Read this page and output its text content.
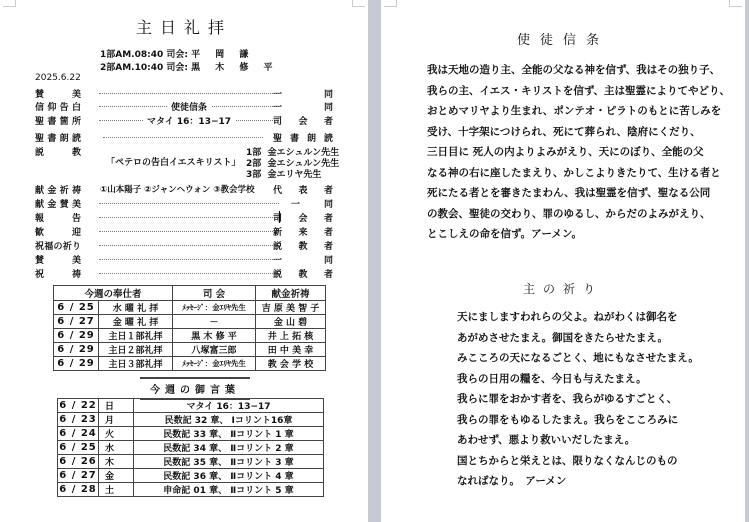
主日礼拝
1部AM.08:40 司会: 平 岡 謙
2部AM.10:40 司会: 黒 木 修 平
2025.6.22
賛美	一同
信仰告白	使徒信条	一同
聖書箇所	マタイ 16：13−17	司会者
聖書朗読	聖書朗読
説教
「ペテロの告白イエスキリスト」
1部 金エシュルン先生
2部 金エシュルン先生
3部 金エリヤ先生
献金祈祷	代表者
①山本陽子 ②ジャンヘウォン ③教会学校
献金賛美	一同
報告	司会者
歓迎	新来者
祝福の祈り	説教者
賛美	一同
祝祷	説教者
今週の奉仕者		司 会	献金祈祷
6 / 25	水 曜 礼 拝	ﾒｯｾｰｼﾞ：金ｴﾘﾔ先生	吉 原 美 智 子
6 / 27	金 曜 礼 拝	－	金 山 碧
6 / 29	主日１部礼拝	黒 木 修 平	井 上 拓 核
6 / 29	主日２部礼拝	八塚富三郎	田 中 美 幸
6 / 29	主日３部礼拝	ﾒｯｾｰｼﾞ：金ｴﾘﾔ先生	教 会 学 校
今週の御言葉
6 / 22	日	マタイ 16：13−17
6 / 23	月	民数記 32 章、 Ⅰコリント16章
6 / 24	火	民数記 33 章、 Ⅱコリント 1 章
6 / 25	水	民数記 34 章、 Ⅱコリント 2 章
6 / 26	木	民数記 35 章、 Ⅱコリント 3 章
6 / 27	金	民数記 36 章、 Ⅱコリント 4 章
6 / 28	土	申命記 01 章、 Ⅱコリント 5 章
使徒信条
我は天地の造り主、全能の父なる神を信ず、我はその独り子、
我らの主、イエス・キリストを信ず、主は聖霊によりてやどり、
おとめマリヤより生まれ、ポンテオ・ピラトのもとに苦しみを
受け、十字架につけられ、死にて葬られ、陰府にくだり、
三日目に 死人の内よりよみがえり、天にのぼり、全能の父
なる神の右に座したまえり、かしこよりきたりて、生ける者と
死にたる者とを審きたまわん、我は聖霊を信ず、聖なる公同
の教会、聖徒の交わり、罪のゆるし、からだのよみがえり、
とこしえの命を信ず。アーメン。
主の祈り
天にましますわれらの父よ。ねがわくは御名を
あがめさせたまえ。御国をきたらせたまえ。
みこころの天になるごとく、地にもなさせたまえ。
我らの日用の糧を、今日も与えたまえ。
我らに罪をおかす者を、我らがゆるすごとく、
我らの罪をもゆるしたまえ。我らをこころみに
あわせず、悪より救いいだしたまえ。
国とちからと栄えとは、限りなくなんじのもの
なればなり。　アーメン
